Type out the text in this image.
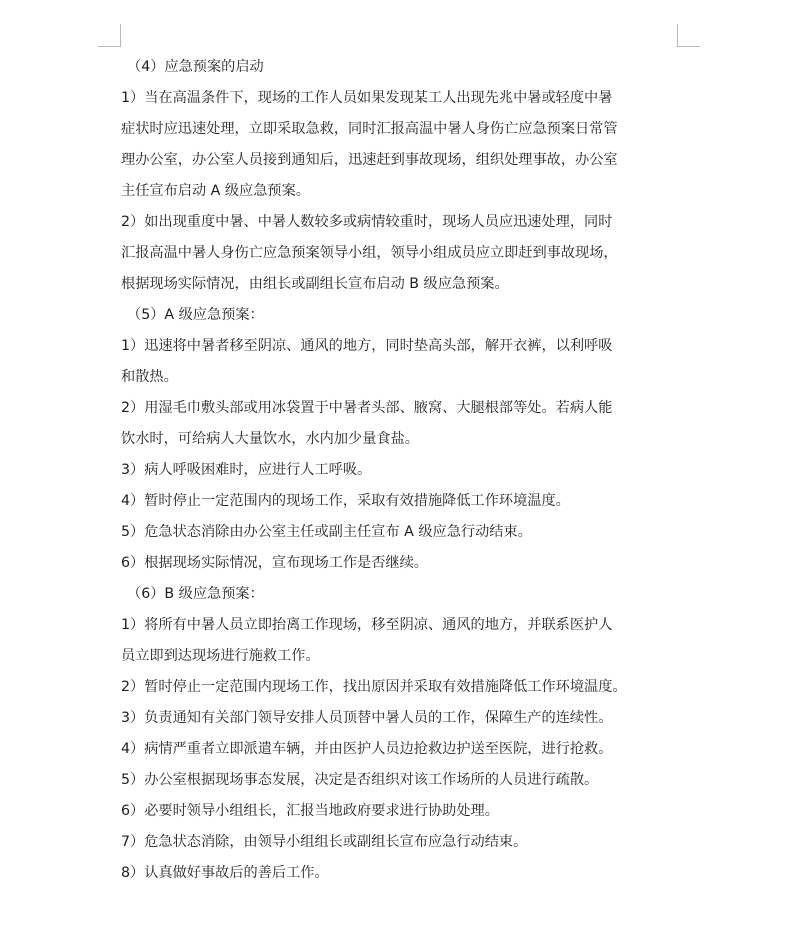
（4）应急预案的启动
1）当在高温条件下，现场的工作人员如果发现某工人出现先兆中暑或轻度中暑
症状时应迅速处理，立即采取急救，同时汇报高温中暑人身伤亡应急预案日常管
理办公室，办公室人员接到通知后，迅速赶到事故现场，组织处理事故，办公室
主任宣布启动 A 级应急预案。
2）如出现重度中暑、中暑人数较多或病情较重时，现场人员应迅速处理，同时
汇报高温中暑人身伤亡应急预案领导小组，领导小组成员应立即赶到事故现场，
根据现场实际情况，由组长或副组长宣布启动 B 级应急预案。
（5）A 级应急预案：
1）迅速将中暑者移至阴凉、通风的地方，同时垫高头部，解开衣裤，以利呼吸
和散热。
2）用湿毛巾敷头部或用冰袋置于中暑者头部、腋窝、大腿根部等处。若病人能
饮水时，可给病人大量饮水，水内加少量食盐。
3）病人呼吸困难时，应进行人工呼吸。
4）暂时停止一定范围内的现场工作，采取有效措施降低工作环境温度。
5）危急状态消除由办公室主任或副主任宣布 A 级应急行动结束。
6）根据现场实际情况，宣布现场工作是否继续。
（6）B 级应急预案：
1）将所有中暑人员立即抬离工作现场，移至阴凉、通风的地方，并联系医护人
员立即到达现场进行施救工作。
2）暂时停止一定范围内现场工作，找出原因并采取有效措施降低工作环境温度。
3）负责通知有关部门领导安排人员顶替中暑人员的工作，保障生产的连续性。
4）病情严重者立即派遣车辆，并由医护人员边抢救边护送至医院，进行抢救。
5）办公室根据现场事态发展，决定是否组织对该工作场所的人员进行疏散。
6）必要时领导小组组长，汇报当地政府要求进行协助处理。
7）危急状态消除，由领导小组组长或副组长宣布应急行动结束。
8）认真做好事故后的善后工作。
